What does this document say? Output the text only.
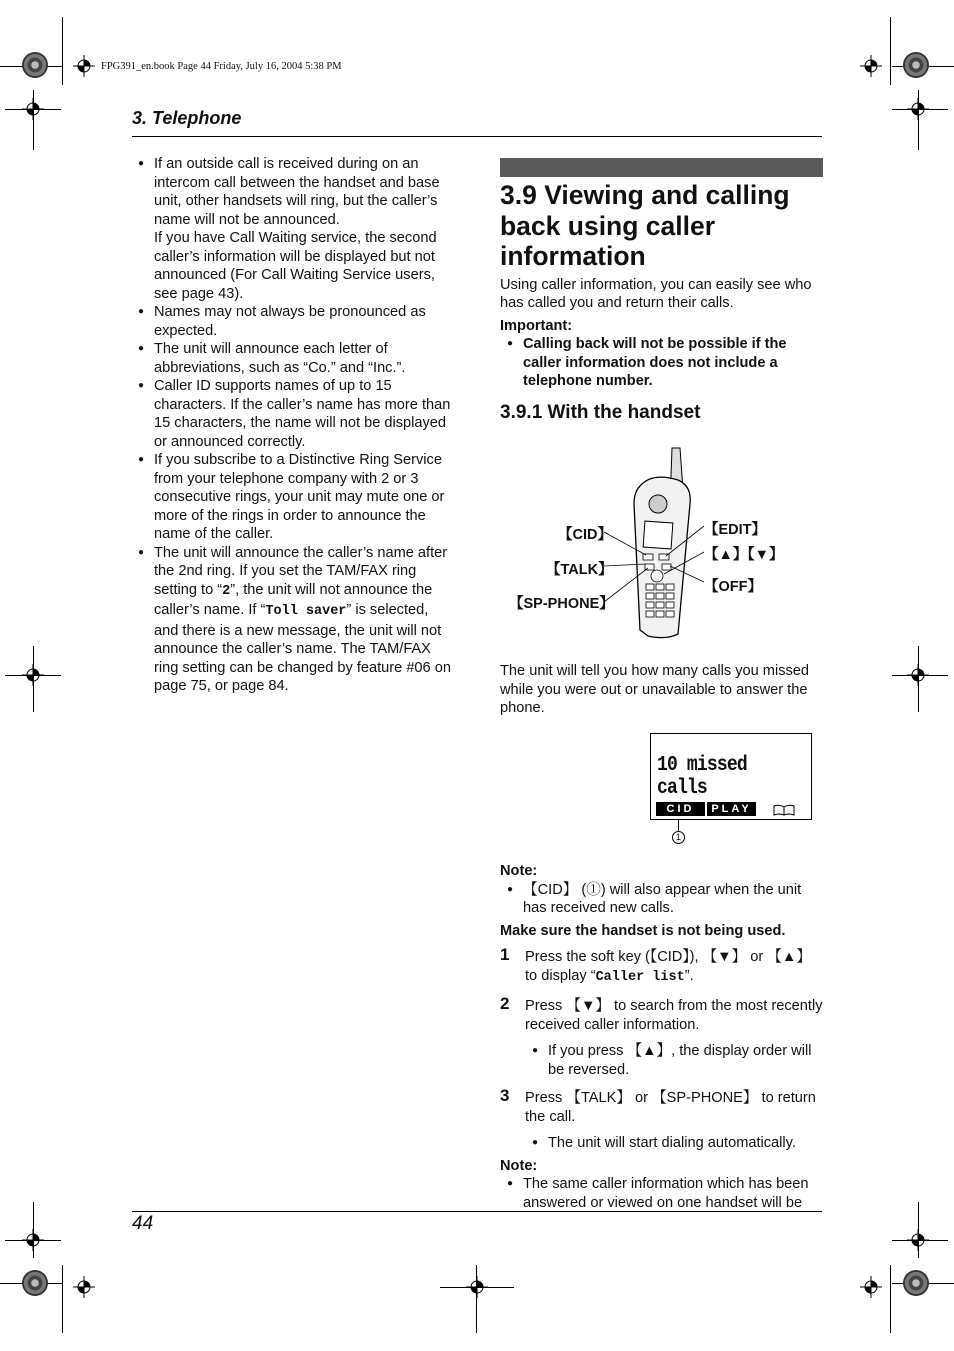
FPG391_en.book Page 44 Friday, July 16, 2004 5:38 PM
3. Telephone
● If an outside call is received during on an intercom call between the handset and base unit, other handsets will ring, but the caller’s name will not be announced.
If you have Call Waiting service, the second caller’s information will be displayed but not announced (For Call Waiting Service users, see page 43).
● Names may not always be pronounced as expected.
● The unit will announce each letter of abbreviations, such as “Co.” and “Inc.”.
● Caller ID supports names of up to 15 characters. If the caller’s name has more than 15 characters, the name will not be displayed or announced correctly.
● If you subscribe to a Distinctive Ring Service from your telephone company with 2 or 3 consecutive rings, your unit may mute one or more of the rings in order to announce the name of the caller.
● The unit will announce the caller’s name after the 2nd ring. If you set the TAM/FAX ring setting to “2”, the unit will not announce the caller’s name. If “Toll saver” is selected, and there is a new message, the unit will not announce the caller’s name. The TAM/FAX ring setting can be changed by feature #06 on page 75, or page 84.
3.9 Viewing and calling back using caller information

Using caller information, you can easily see who has called you and return their calls.

Important:

● Calling back will not be possible if the caller information does not include a telephone number.
3.9.1 With the handset
【CID】
【TALK】
【SP-PHONE】
【EDIT】
【▲】【▼】
【OFF】

The unit will tell you how many calls you missed while you were out or unavailable to answer the phone.

10 missed calls
CID	PLAY
1

Note:

● 【CID】 (①) will also appear when the unit has received new calls.

Make sure the handset is not being used.

1 Press the soft key (【CID】), 【▼】 or 【▲】 to display “Caller list”.
2 Press 【▼】 to search from the most recently received caller information.
● If you press 【▲】, the display order will be reversed.
3 Press 【TALK】 or 【SP-PHONE】 to return the call.
● The unit will start dialing automatically.

Note:

● The same caller information which has been answered or viewed on one handset will be
44
